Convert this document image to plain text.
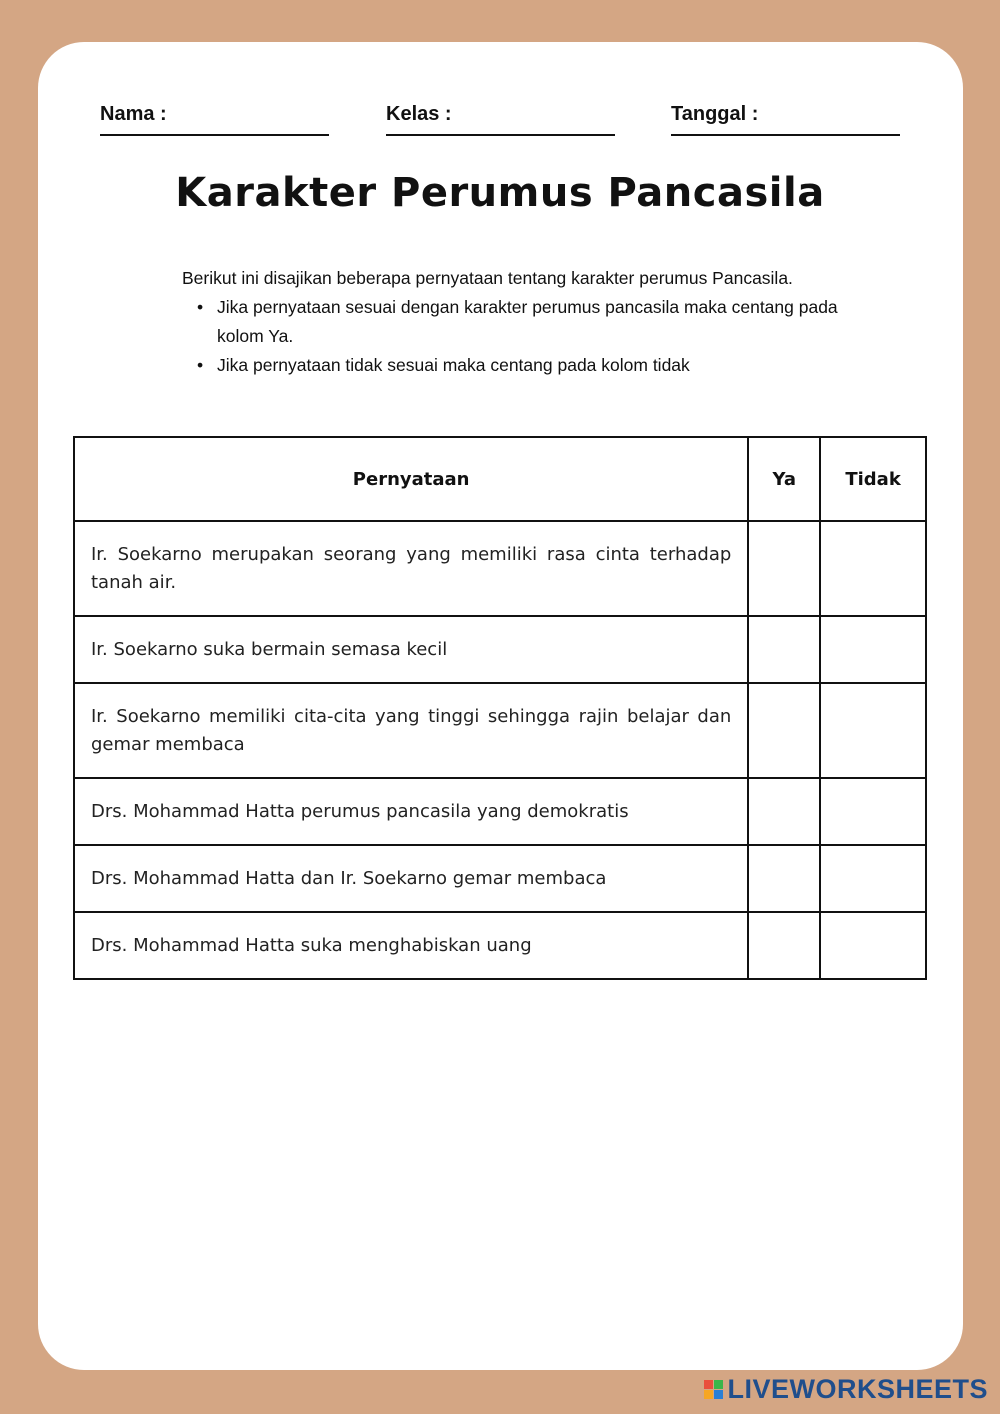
Nama :	Kelas :	Tanggal :
Karakter Perumus Pancasila
Berikut ini disajikan beberapa pernyataan tentang karakter perumus Pancasila.
• Jika pernyataan sesuai dengan karakter perumus pancasila maka centang pada kolom Ya.
• Jika pernyataan tidak sesuai maka centang pada kolom tidak
Pernyataan	Ya	Tidak
Ir. Soekarno merupakan seorang yang memiliki rasa cinta terhadap tanah air.		
Ir. Soekarno suka bermain semasa kecil		
Ir. Soekarno memiliki cita-cita yang tinggi sehingga rajin belajar dan gemar membaca		
Drs. Mohammad Hatta perumus pancasila yang demokratis		
Drs. Mohammad Hatta dan Ir. Soekarno gemar membaca		
Drs. Mohammad Hatta suka menghabiskan uang		
LIVEWORKSHEETS
